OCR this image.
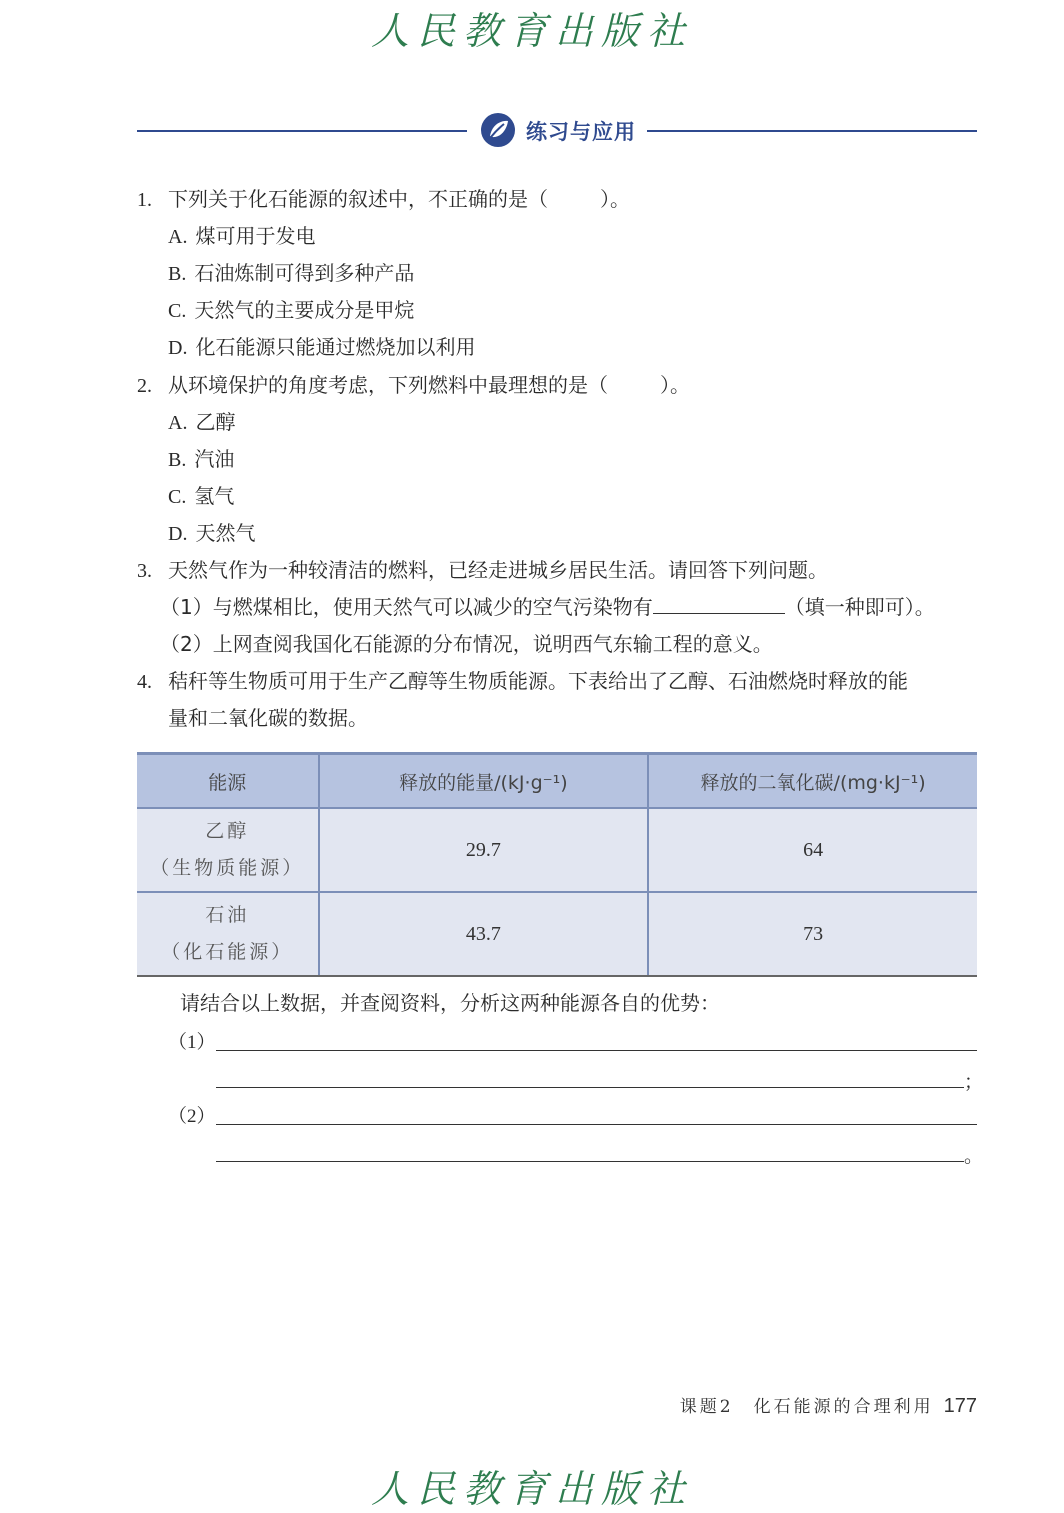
人民教育出版社
练习与应用
1. 下列关于化石能源的叙述中，不正确的是（	）。
A. 煤可用于发电
B. 石油炼制可得到多种产品
C. 天然气的主要成分是甲烷
D. 化石能源只能通过燃烧加以利用
2. 从环境保护的角度考虑，下列燃料中最理想的是（	）。
A. 乙醇
B. 汽油
C. 氢气
D. 天然气
3. 天然气作为一种较清洁的燃料，已经走进城乡居民生活。请回答下列问题。
（1）与燃煤相比，使用天然气可以减少的空气污染物有	（填一种即可）。
（2）上网查阅我国化石能源的分布情况，说明西气东输工程的意义。
4. 秸秆等生物质可用于生产乙醇等生物质能源。下表给出了乙醇、石油燃烧时释放的能
量和二氧化碳的数据。
能源	释放的能量/(kJ·g⁻¹)	释放的二氧化碳/(mg·kJ⁻¹)

乙醇
（生物质能源）	29.7	64

石油
（化石能源）	43.7	73
请结合以上数据，并查阅资料，分析这两种能源各自的优势：
（1）
；
（2）
。
课题2　化石能源的合理利用 177
人民教育出版社
